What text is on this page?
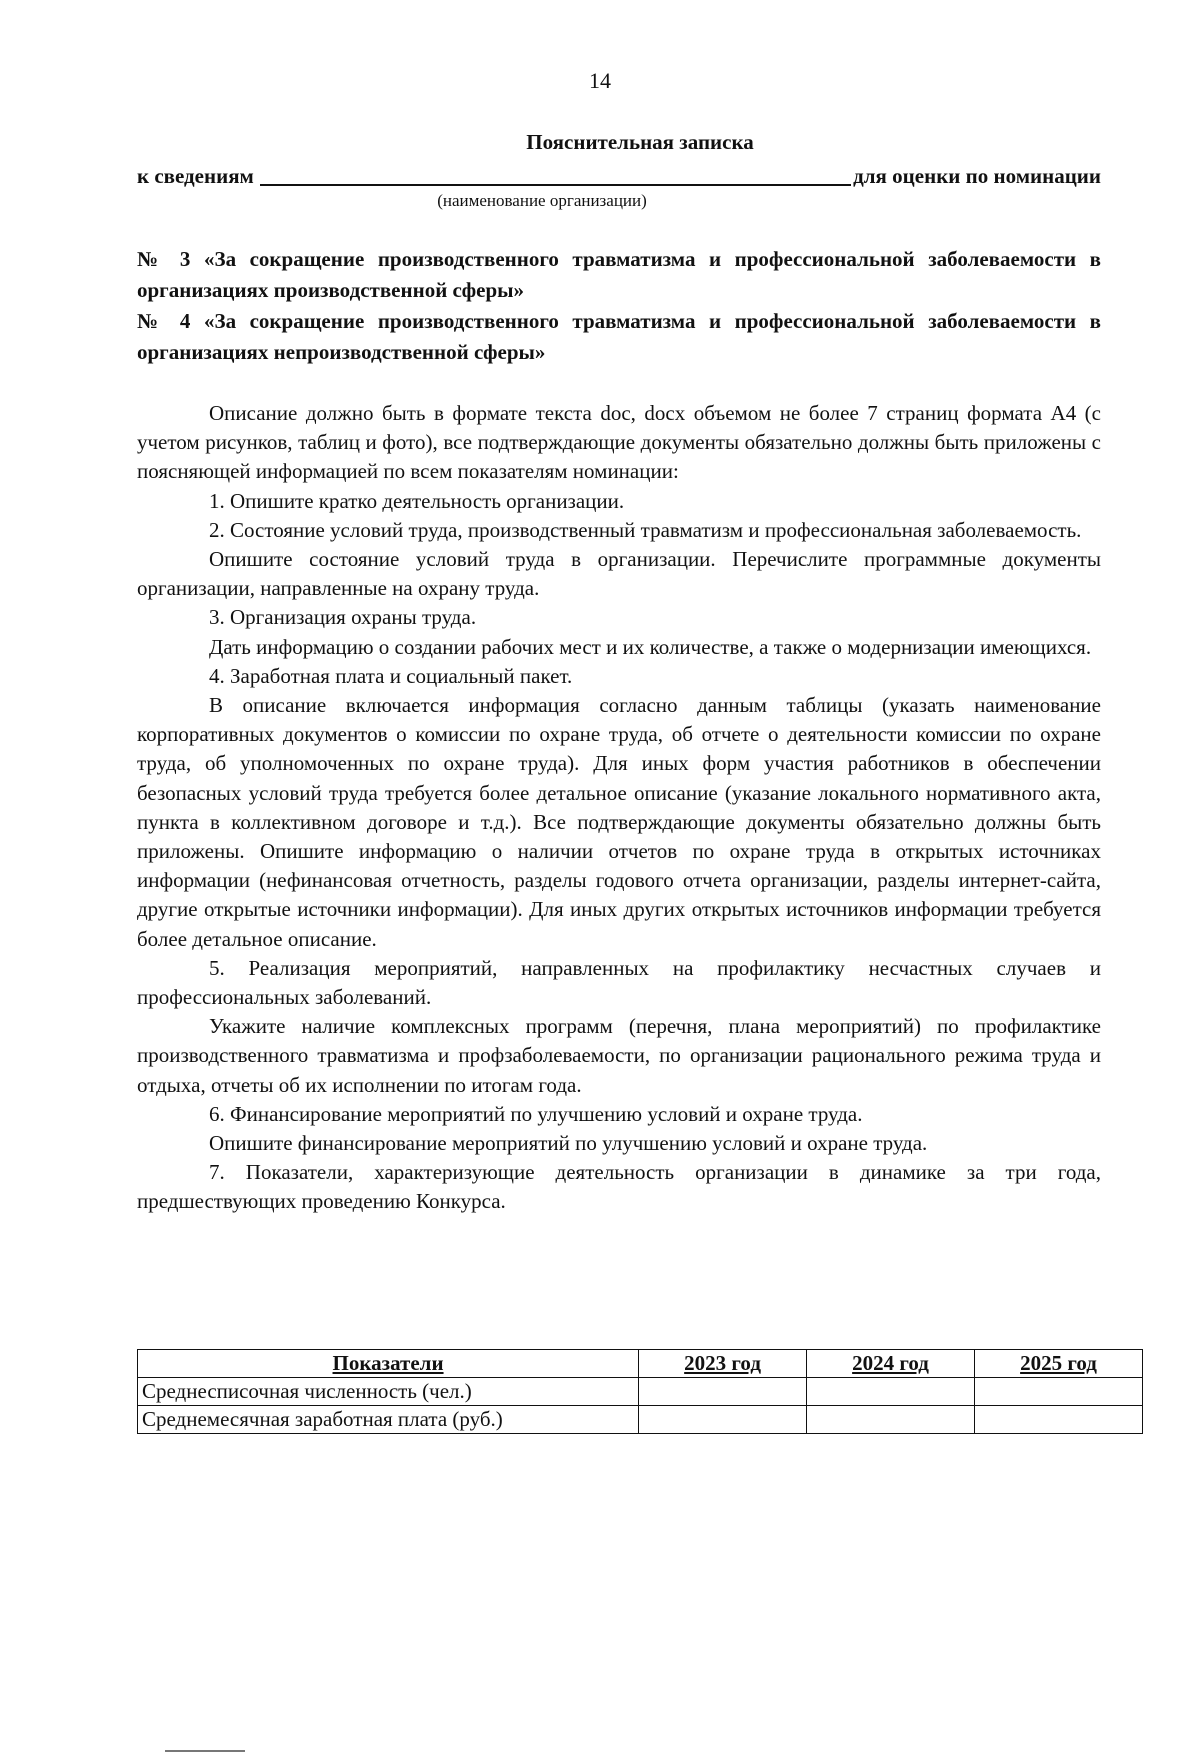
14
Пояснительная записка
к сведениям	для оценки по номинации
(наименование организации)

№ 3 «За сокращение производственного травматизма и профессиональной заболеваемости в организациях производственной сферы»

№ 4 «За сокращение производственного травматизма и профессиональной заболеваемости в организациях непроизводственной сферы»

Описание должно быть в формате текста doc, docx объемом не более 7 страниц формата А4 (с учетом рисунков, таблиц и фото), все подтверждающие документы обязательно должны быть приложены с поясняющей информацией по всем показателям номинации:

1. Опишите кратко деятельность организации.

2. Состояние условий труда, производственный травматизм и профессиональная заболеваемость.

Опишите состояние условий труда в организации. Перечислите программные документы организации, направленные на охрану труда.

3. Организация охраны труда.

Дать информацию о создании рабочих мест и их количестве, а также о модернизации имеющихся.

4. Заработная плата и социальный пакет.

В описание включается информация согласно данным таблицы (указать наименование корпоративных документов о комиссии по охране труда, об отчете о деятельности комиссии по охране труда, об уполномоченных по охране труда). Для иных форм участия работников в обеспечении безопасных условий труда требуется более детальное описание (указание локального нормативного акта, пункта в коллективном договоре и т.д.). Все подтверждающие документы обязательно должны быть приложены. Опишите информацию о наличии отчетов по охране труда в открытых источниках информации (нефинансовая отчетность, разделы годового отчета организации, разделы интернет-сайта, другие открытые источники информации). Для иных других открытых источников информации требуется более детальное описание.

5. Реализация мероприятий, направленных на профилактику несчастных случаев и профессиональных заболеваний.

Укажите наличие комплексных программ (перечня, плана мероприятий) по профилактике производственного травматизма и профзаболеваемости, по организации рационального режима труда и отдыха, отчеты об их исполнении по итогам года.

6. Финансирование мероприятий по улучшению условий и охране труда.

Опишите финансирование мероприятий по улучшению условий и охране труда.

7. Показатели, характеризующие деятельность организации в динамике за три года, предшествующих проведению Конкурса.

Показатели	2023 год	2024 год	2025 год
Среднесписочная численность (чел.)			
Среднемесячная заработная плата (руб.)			
